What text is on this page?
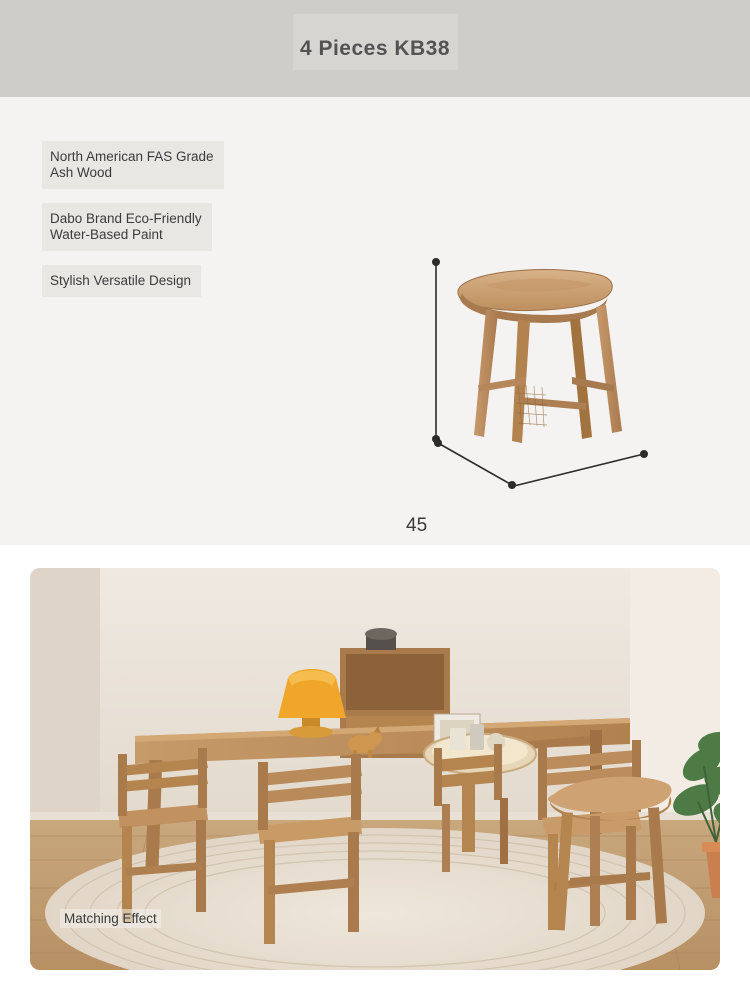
4 Pieces KB38
North American FAS Grade
Ash Wood

Dabo Brand Eco-Friendly
Water-Based Paint

Stylish Versatile Design
45
Matching Effect
